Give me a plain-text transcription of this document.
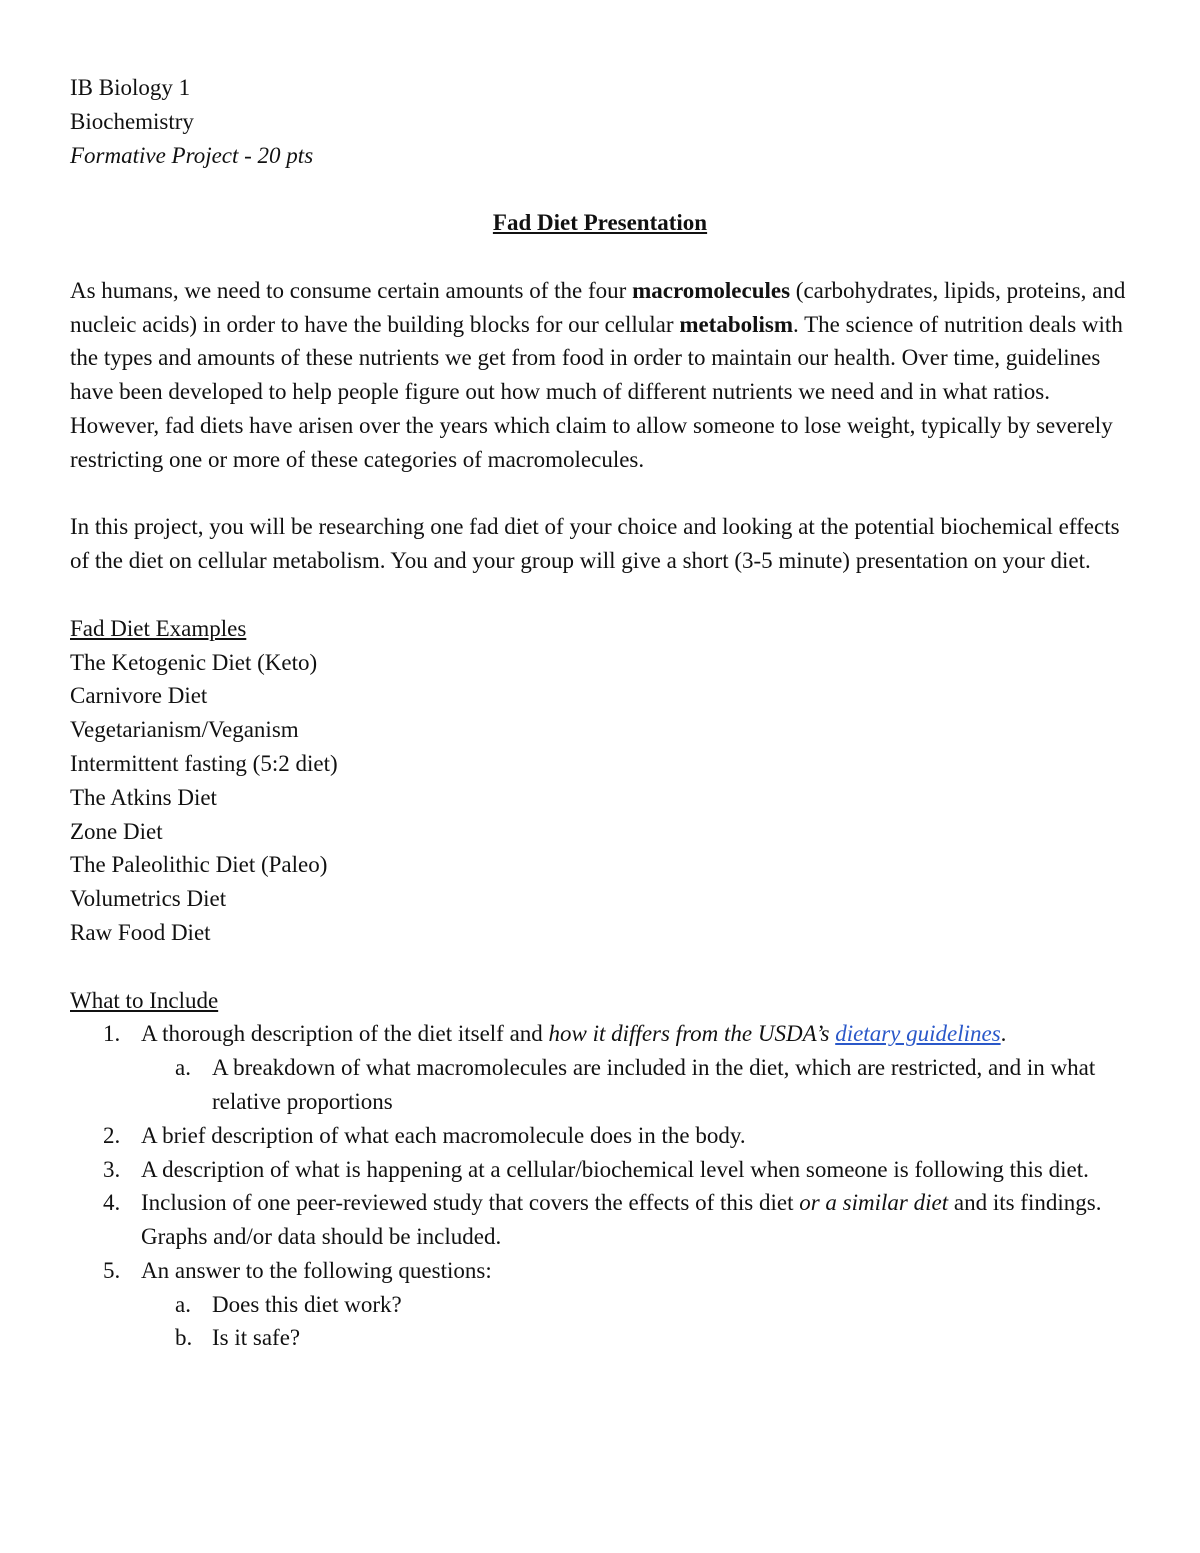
IB Biology 1
Biochemistry
Formative Project - 20 pts
Fad Diet Presentation

As humans, we need to consume certain amounts of the four macromolecules (carbohydrates, lipids, proteins, and nucleic acids) in order to have the building blocks for our cellular metabolism. The science of nutrition deals with the types and amounts of these nutrients we get from food in order to maintain our health. Over time, guidelines have been developed to help people figure out how much of different nutrients we need and in what ratios. However, fad diets have arisen over the years which claim to allow someone to lose weight, typically by severely restricting one or more of these categories of macromolecules.

In this project, you will be researching one fad diet of your choice and looking at the potential biochemical effects of the diet on cellular metabolism. You and your group will give a short (3-5 minute) presentation on your diet.

Fad Diet Examples
The Ketogenic Diet (Keto)
Carnivore Diet
Vegetarianism/Veganism
Intermittent fasting (5:2 diet)
The Atkins Diet
Zone Diet
The Paleolithic Diet (Paleo)
Volumetrics Diet
Raw Food Diet
What to Include
1. A thorough description of the diet itself and how it differs from the USDA’s dietary guidelines.
a. A breakdown of what macromolecules are included in the diet, which are restricted, and in what relative proportions
2. A brief description of what each macromolecule does in the body.
3. A description of what is happening at a cellular/biochemical level when someone is following this diet.
4. Inclusion of one peer-reviewed study that covers the effects of this diet or a similar diet and its findings. Graphs and/or data should be included.
5. An answer to the following questions:
a. Does this diet work?
b. Is it safe?
